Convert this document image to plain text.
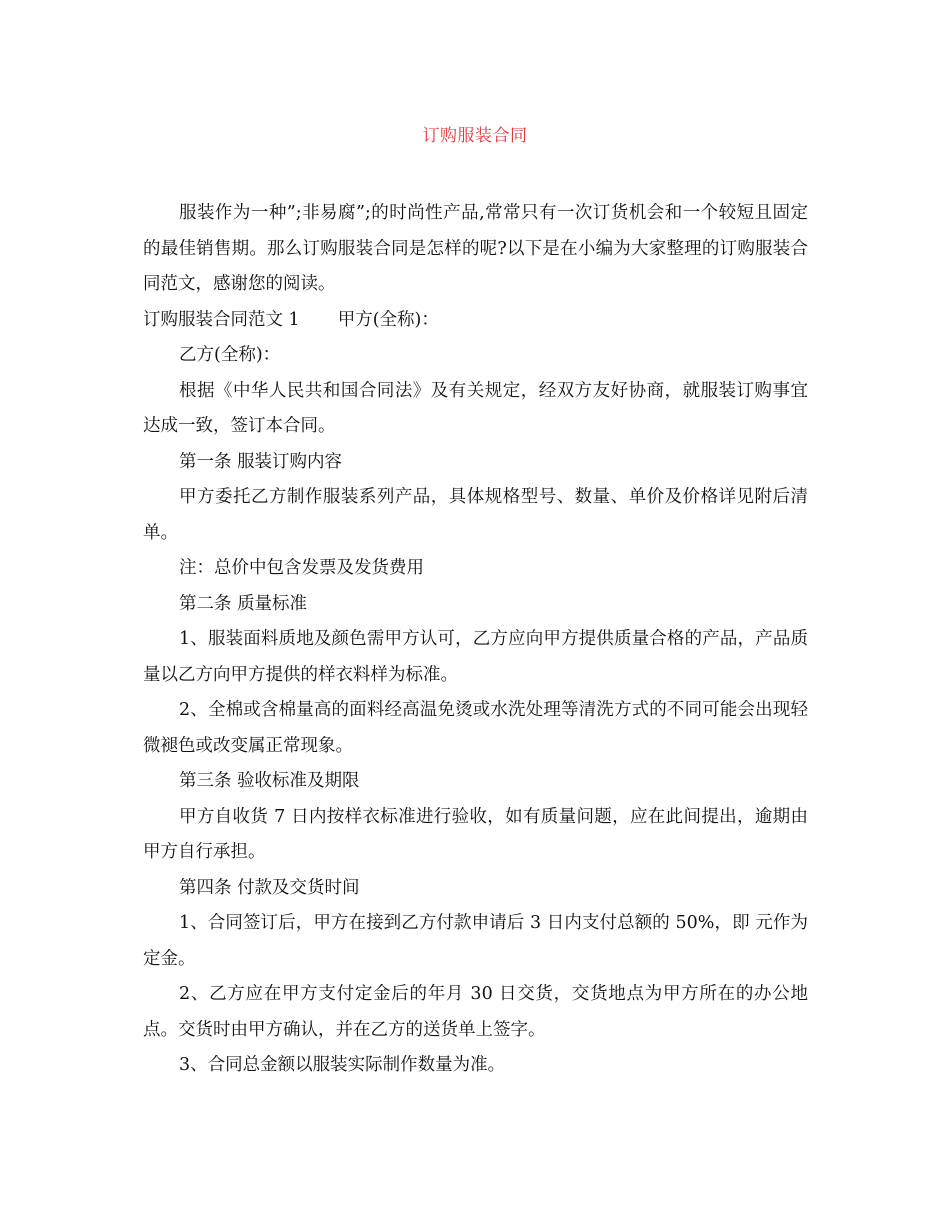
订购服装合同

服装作为一种”;非易腐”;的时尚性产品,常常只有一次订货机会和一个较短且固定的最佳销售期。那么订购服装合同是怎样的呢?以下是在小编为大家整理的订购服装合同范文，感谢您的阅读。

订购服装合同范文 1 甲方(全称)：

乙方(全称)：

根据《中华人民共和国合同法》及有关规定，经双方友好协商，就服装订购事宜达成一致，签订本合同。

第一条 服装订购内容

甲方委托乙方制作服装系列产品，具体规格型号、数量、单价及价格详见附后清单。

注：总价中包含发票及发货费用

第二条 质量标准

1、服装面料质地及颜色需甲方认可，乙方应向甲方提供质量合格的产品，产品质量以乙方向甲方提供的样衣料样为标准。

2、全棉或含棉量高的面料经高温免烫或水洗处理等清洗方式的不同可能会出现轻微褪色或改变属正常现象。

第三条 验收标准及期限

甲方自收货 7 日内按样衣标准进行验收，如有质量问题，应在此间提出，逾期由甲方自行承担。

第四条 付款及交货时间

1、合同签订后，甲方在接到乙方付款申请后 3 日内支付总额的 50%，即 元作为定金。

2、乙方应在甲方支付定金后的年月 30 日交货，交货地点为甲方所在的办公地点。交货时由甲方确认，并在乙方的送货单上签字。

3、合同总金额以服装实际制作数量为准。
